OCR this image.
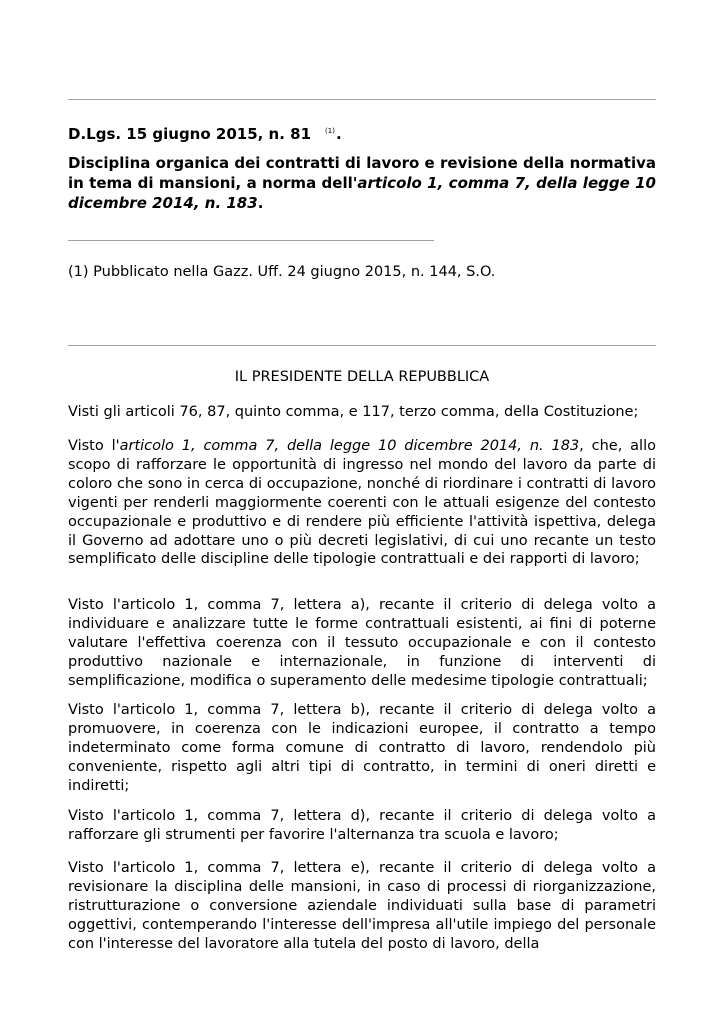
D.Lgs. 15 giugno 2015, n. 81 $^{(1)}$.
Disciplina organica dei contratti di lavoro e revisione della normativa in tema di mansioni, a norma dell'articolo 1, comma 7, della legge 10 dicembre 2014, n. 183.
(1) Pubblicato nella Gazz. Uff. 24 giugno 2015, n. 144, S.O.
IL PRESIDENTE DELLA REPUBBLICA

Visti gli articoli 76, 87, quinto comma, e 117, terzo comma, della Costituzione;

Visto l'articolo 1, comma 7, della legge 10 dicembre 2014, n. 183, che, allo scopo di rafforzare le opportunità di ingresso nel mondo del lavoro da parte di coloro che sono in cerca di occupazione, nonché di riordinare i contratti di lavoro vigenti per renderli maggiormente coerenti con le attuali esigenze del contesto occupazionale e produttivo e di rendere più efficiente l'attività ispettiva, delega il Governo ad adottare uno o più decreti legislativi, di cui uno recante un testo semplificato delle discipline delle tipologie contrattuali e dei rapporti di lavoro;

Visto l'articolo 1, comma 7, lettera a), recante il criterio di delega volto a individuare e analizzare tutte le forme contrattuali esistenti, ai fini di poterne valutare l'effettiva coerenza con il tessuto occupazionale e con il contesto produttivo nazionale e internazionale, in funzione di interventi di semplificazione, modifica o superamento delle medesime tipologie contrattuali;

Visto l'articolo 1, comma 7, lettera b), recante il criterio di delega volto a promuovere, in coerenza con le indicazioni europee, il contratto a tempo indeterminato come forma comune di contratto di lavoro, rendendolo più conveniente, rispetto agli altri tipi di contratto, in termini di oneri diretti e indiretti;

Visto l'articolo 1, comma 7, lettera d), recante il criterio di delega volto a rafforzare gli strumenti per favorire l'alternanza tra scuola e lavoro;

Visto l'articolo 1, comma 7, lettera e), recante il criterio di delega volto a revisionare la disciplina delle mansioni, in caso di processi di riorganizzazione, ristrutturazione o conversione aziendale individuati sulla base di parametri oggettivi, contemperando l'interesse dell'impresa all'utile impiego del personale con l'interesse del lavoratore alla tutela del posto di lavoro, della
